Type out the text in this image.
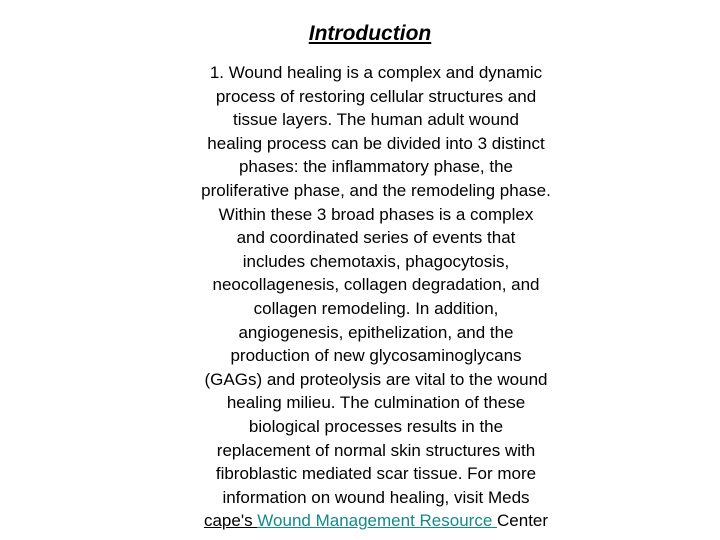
Introduction
1. Wound healing is a complex and dynamic
process of restoring cellular structures and
tissue layers. The human adult wound
healing process can be divided into 3 distinct
phases: the inflammatory phase, the
proliferative phase, and the remodeling phase.
Within these 3 broad phases is a complex
and coordinated series of events that
includes chemotaxis, phagocytosis,
neocollagenesis, collagen degradation, and
collagen remodeling. In addition,
angiogenesis, epithelization, and the
production of new glycosaminoglycans
(GAGs) and proteolysis are vital to the wound
healing milieu. The culmination of these
biological processes results in the
replacement of normal skin structures with
fibroblastic mediated scar tissue. For more
information on wound healing, visit Meds
cape's Wound Management Resource Center
